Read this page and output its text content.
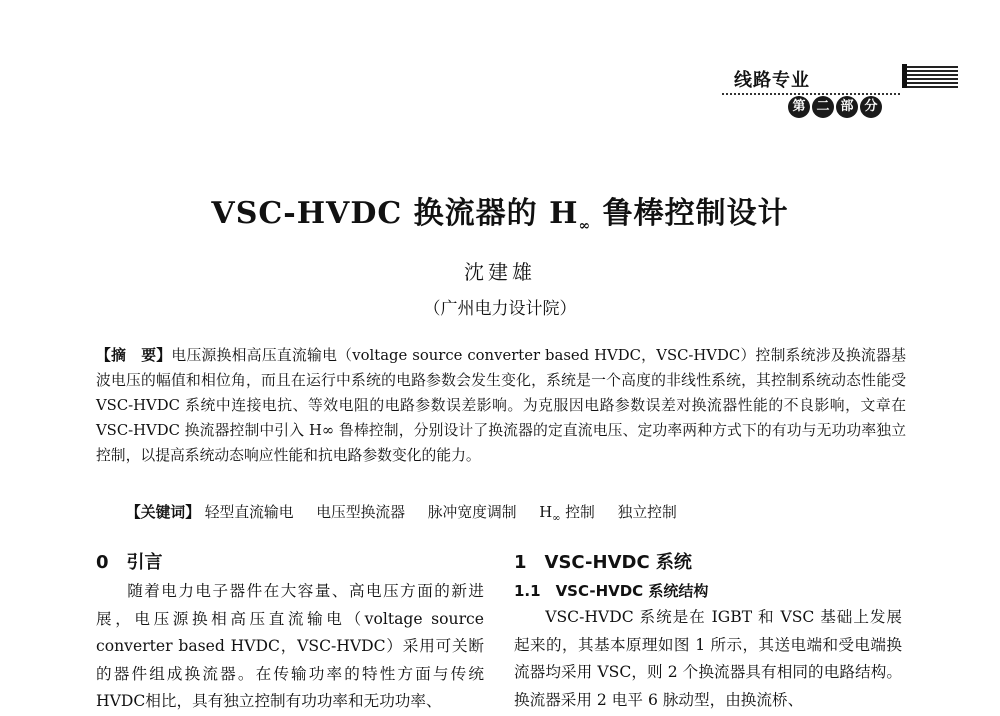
线路专业
第 二 部 分
VSC-HVDC 换流器的 $H_\infty$ 鲁棒控制设计

沈建雄

（广州电力设计院）

【摘　要】电压源换相高压直流输电（voltage source converter based HVDC，VSC-HVDC）控制系统涉及换流器基波电压的幅值和相位角，而且在运行中系统的电路参数会发生变化，系统是一个高度的非线性系统，其控制系统动态性能受 VSC-HVDC 系统中连接电抗、等效电阻的电路参数误差影响。为克服因电路参数误差对换流器性能的不良影响，文章在 VSC-HVDC 换流器控制中引入 H∞ 鲁棒控制，分别设计了换流器的定直流电压、定功率两种方式下的有功与无功功率独立控制，以提高系统动态响应性能和抗电路参数变化的能力。

【关键词】 轻型直流输电 电压型换流器 脉冲宽度调制 $H_\infty$ 控制 独立控制

0　引言

随着电力电子器件在大容量、高电压方面的新进展，电压源换相高压直流输电（voltage source converter based HVDC，VSC-HVDC）采用可关断的器件组成换流器。在传输功率的特性方面与传统HVDC相比，具有独立控制有功功率和无功功率、

1　VSC-HVDC 系统
1.1　VSC-HVDC 系统结构

VSC-HVDC 系统是在 IGBT 和 VSC 基础上发展起来的，其基本原理如图 1 所示，其送电端和受电端换流器均采用 VSC，则 2 个换流器具有相同的电路结构。换流器采用 2 电平 6 脉动型，由换流桥、
